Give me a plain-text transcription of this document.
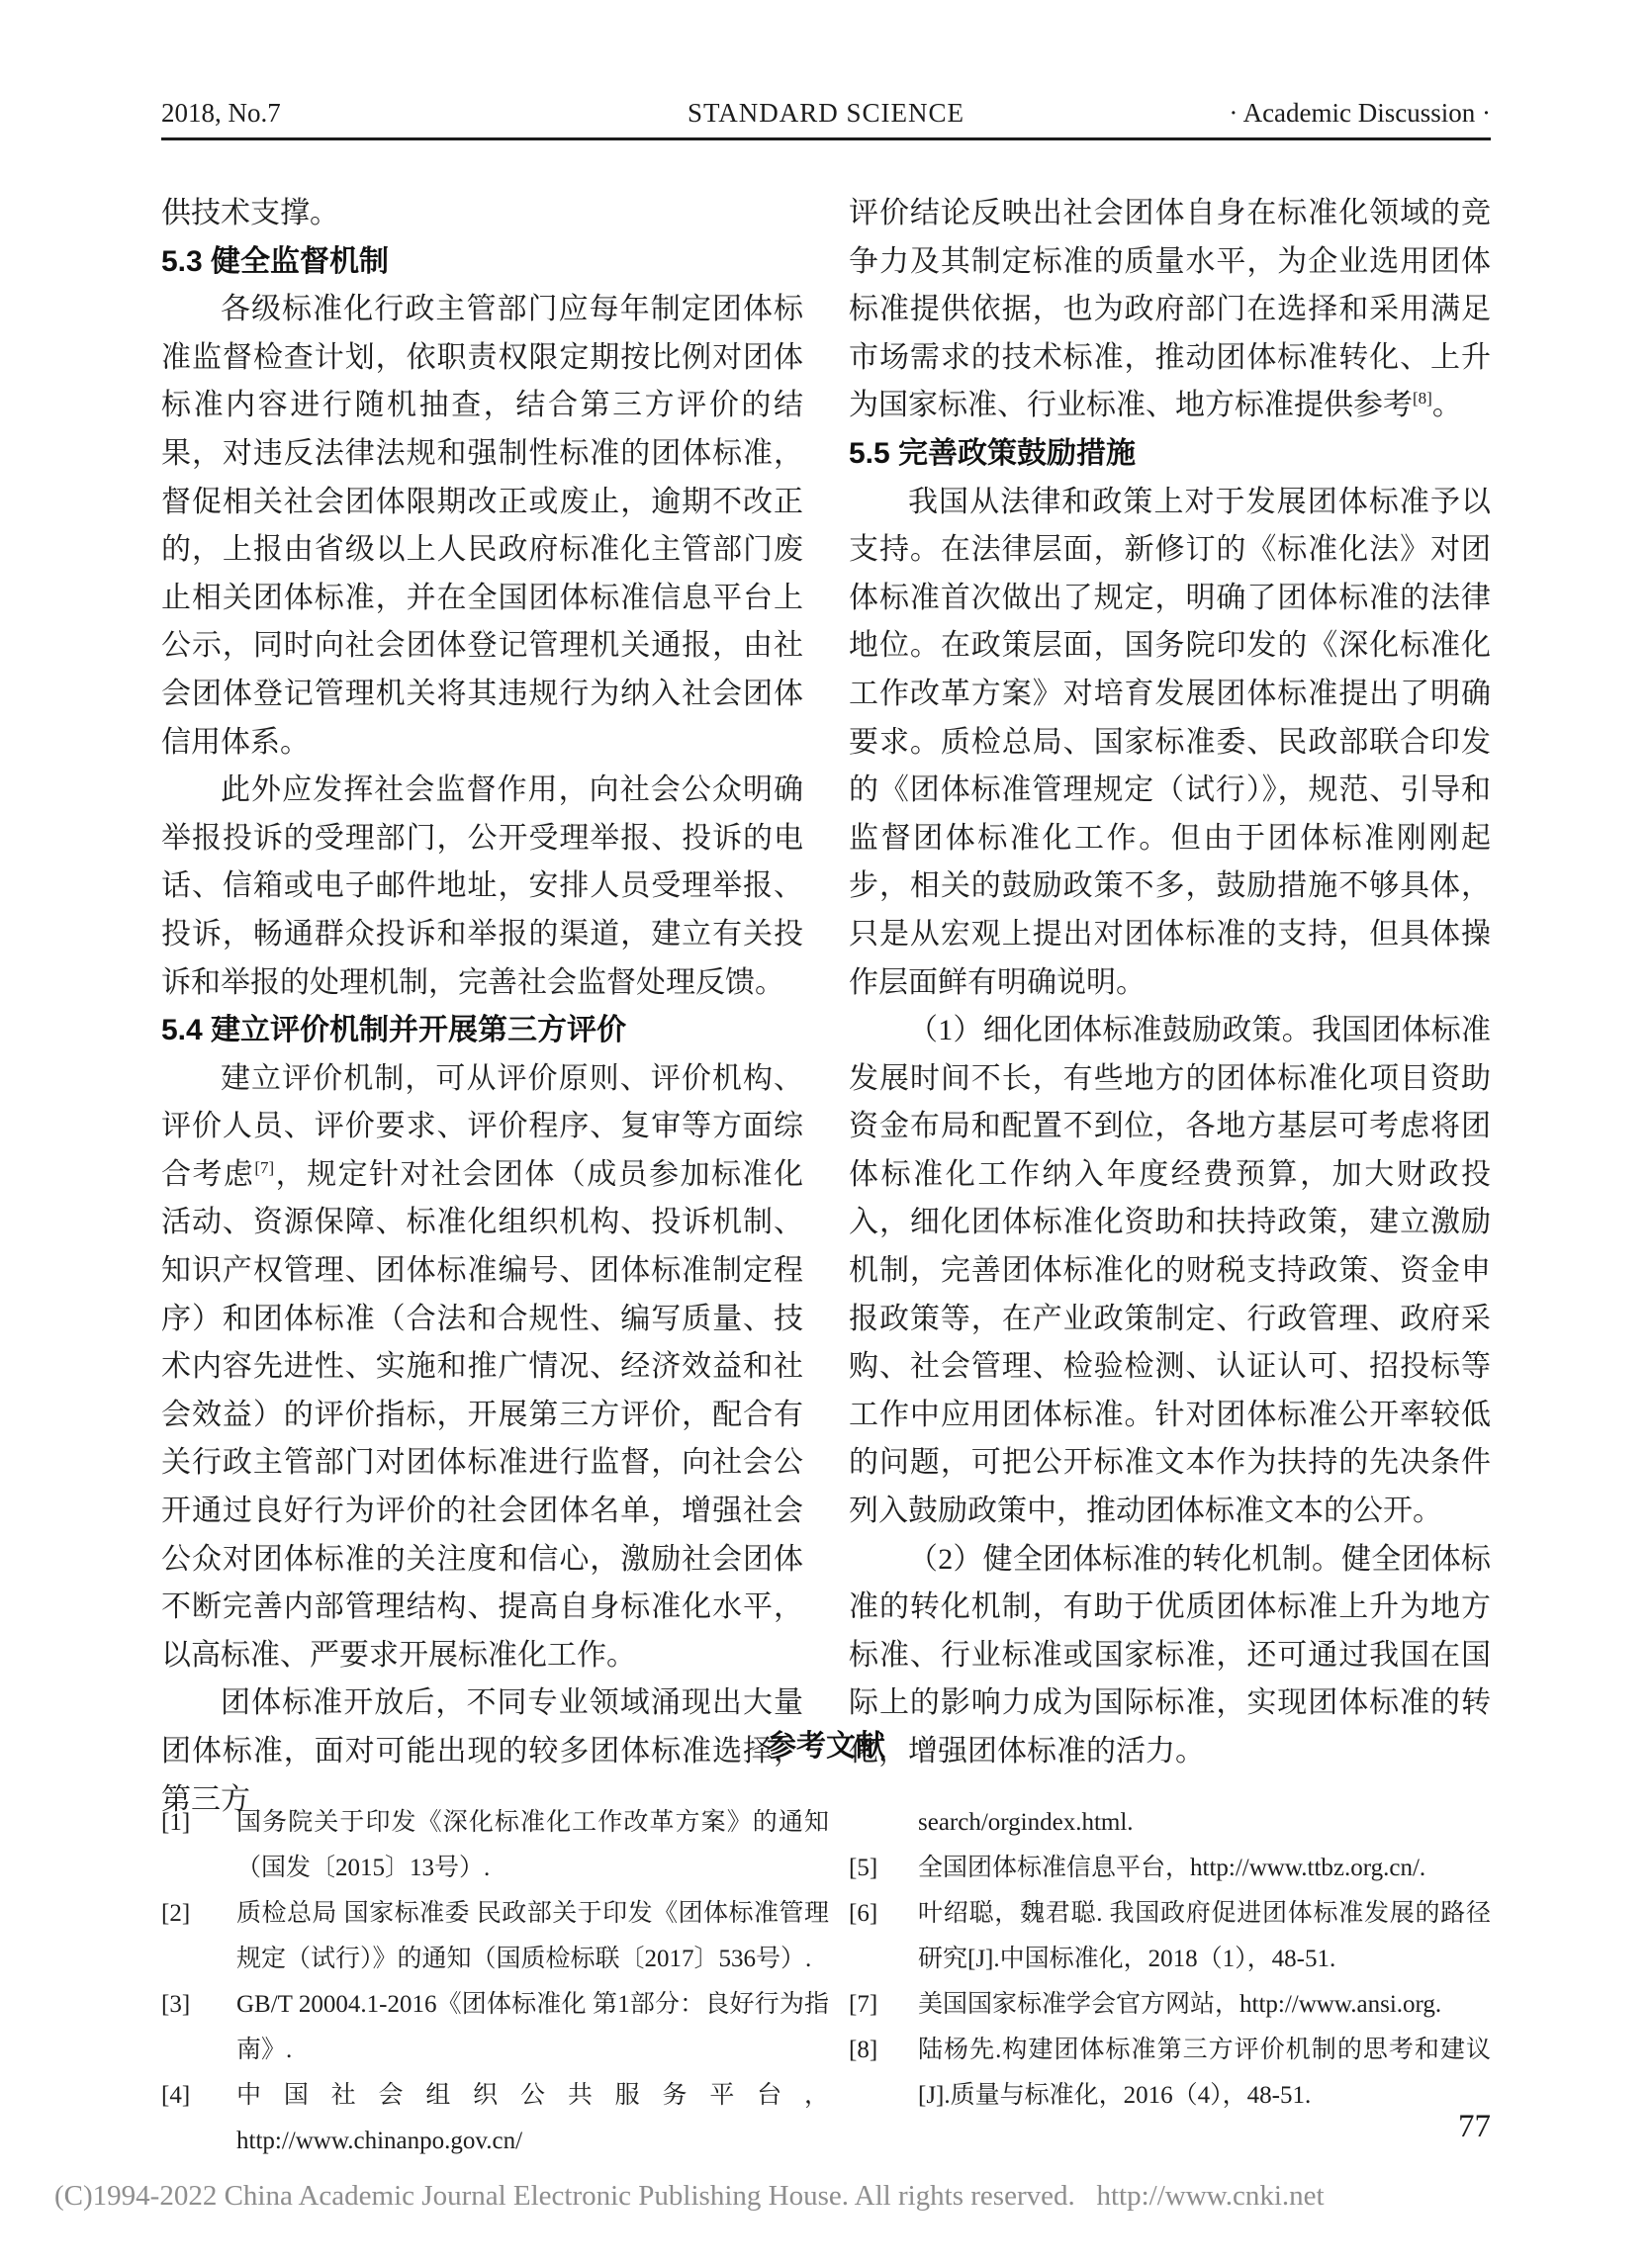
2018, No.7	STANDARD SCIENCE	· Academic Discussion ·

供技术支撑。

5.3 健全监督机制

各级标准化行政主管部门应每年制定团体标准监督检查计划，依职责权限定期按比例对团体标准内容进行随机抽查，结合第三方评价的结果，对违反法律法规和强制性标准的团体标准，督促相关社会团体限期改正或废止，逾期不改正的，上报由省级以上人民政府标准化主管部门废止相关团体标准，并在全国团体标准信息平台上公示，同时向社会团体登记管理机关通报，由社会团体登记管理机关将其违规行为纳入社会团体信用体系。

此外应发挥社会监督作用，向社会公众明确举报投诉的受理部门，公开受理举报、投诉的电话、信箱或电子邮件地址，安排人员受理举报、投诉，畅通群众投诉和举报的渠道，建立有关投诉和举报的处理机制，完善社会监督处理反馈。

5.4 建立评价机制并开展第三方评价

建立评价机制，可从评价原则、评价机构、评价人员、评价要求、评价程序、复审等方面综合考虑[7]，规定针对社会团体（成员参加标准化活动、资源保障、标准化组织机构、投诉机制、知识产权管理、团体标准编号、团体标准制定程序）和团体标准（合法和合规性、编写质量、技术内容先进性、实施和推广情况、经济效益和社会效益）的评价指标，开展第三方评价，配合有关行政主管部门对团体标准进行监督，向社会公开通过良好行为评价的社会团体名单，增强社会公众对团体标准的关注度和信心，激励社会团体不断完善内部管理结构、提高自身标准化水平，以高标准、严要求开展标准化工作。

团体标准开放后，不同专业领域涌现出大量团体标准，面对可能出现的较多团体标准选择，第三方

评价结论反映出社会团体自身在标准化领域的竞争力及其制定标准的质量水平，为企业选用团体标准提供依据，也为政府部门在选择和采用满足市场需求的技术标准，推动团体标准转化、上升为国家标准、行业标准、地方标准提供参考[8]。

5.5 完善政策鼓励措施

我国从法律和政策上对于发展团体标准予以支持。在法律层面，新修订的《标准化法》对团体标准首次做出了规定，明确了团体标准的法律地位。在政策层面，国务院印发的《深化标准化工作改革方案》对培育发展团体标准提出了明确要求。质检总局、国家标准委、民政部联合印发的《团体标准管理规定（试行）》，规范、引导和监督团体标准化工作。但由于团体标准刚刚起步，相关的鼓励政策不多，鼓励措施不够具体，只是从宏观上提出对团体标准的支持，但具体操作层面鲜有明确说明。

（1）细化团体标准鼓励政策。我国团体标准发展时间不长，有些地方的团体标准化项目资助资金布局和配置不到位，各地方基层可考虑将团体标准化工作纳入年度经费预算，加大财政投入，细化团体标准化资助和扶持政策，建立激励机制，完善团体标准化的财税支持政策、资金申报政策等，在产业政策制定、行政管理、政府采购、社会管理、检验检测、认证认可、招投标等工作中应用团体标准。针对团体标准公开率较低的问题，可把公开标准文本作为扶持的先决条件列入鼓励政策中，推动团体标准文本的公开。

（2）健全团体标准的转化机制。健全团体标准的转化机制，有助于优质团体标准上升为地方标准、行业标准或国家标准，还可通过我国在国际上的影响力成为国际标准，实现团体标准的转化，增强团体标准的活力。

参考文献
[1]	国务院关于印发《深化标准化工作改革方案》的通知（国发〔2015〕13号）.
[2]	质检总局 国家标准委 民政部关于印发《团体标准管理规定（试行）》的通知（国质检标联〔2017〕536号）.
[3]	GB/T 20004.1-2016《团体标准化 第1部分：良好行为指南》.
[4]	中国社会组织公共服务平台，http://www.chinanpo.gov.cn/
search/orgindex.html.
[5]	全国团体标准信息平台，http://www.ttbz.org.cn/.
[6]	叶绍聪，魏君聪. 我国政府促进团体标准发展的路径研究[J].中国标准化，2018（1），48-51.
[7]	美国国家标准学会官方网站，http://www.ansi.org.
[8]	陆杨先.构建团体标准第三方评价机制的思考和建议[J].质量与标准化，2016（4），48-51.
77
(C)1994-2022 China Academic Journal Electronic Publishing House. All rights reserved.   http://www.cnki.net
